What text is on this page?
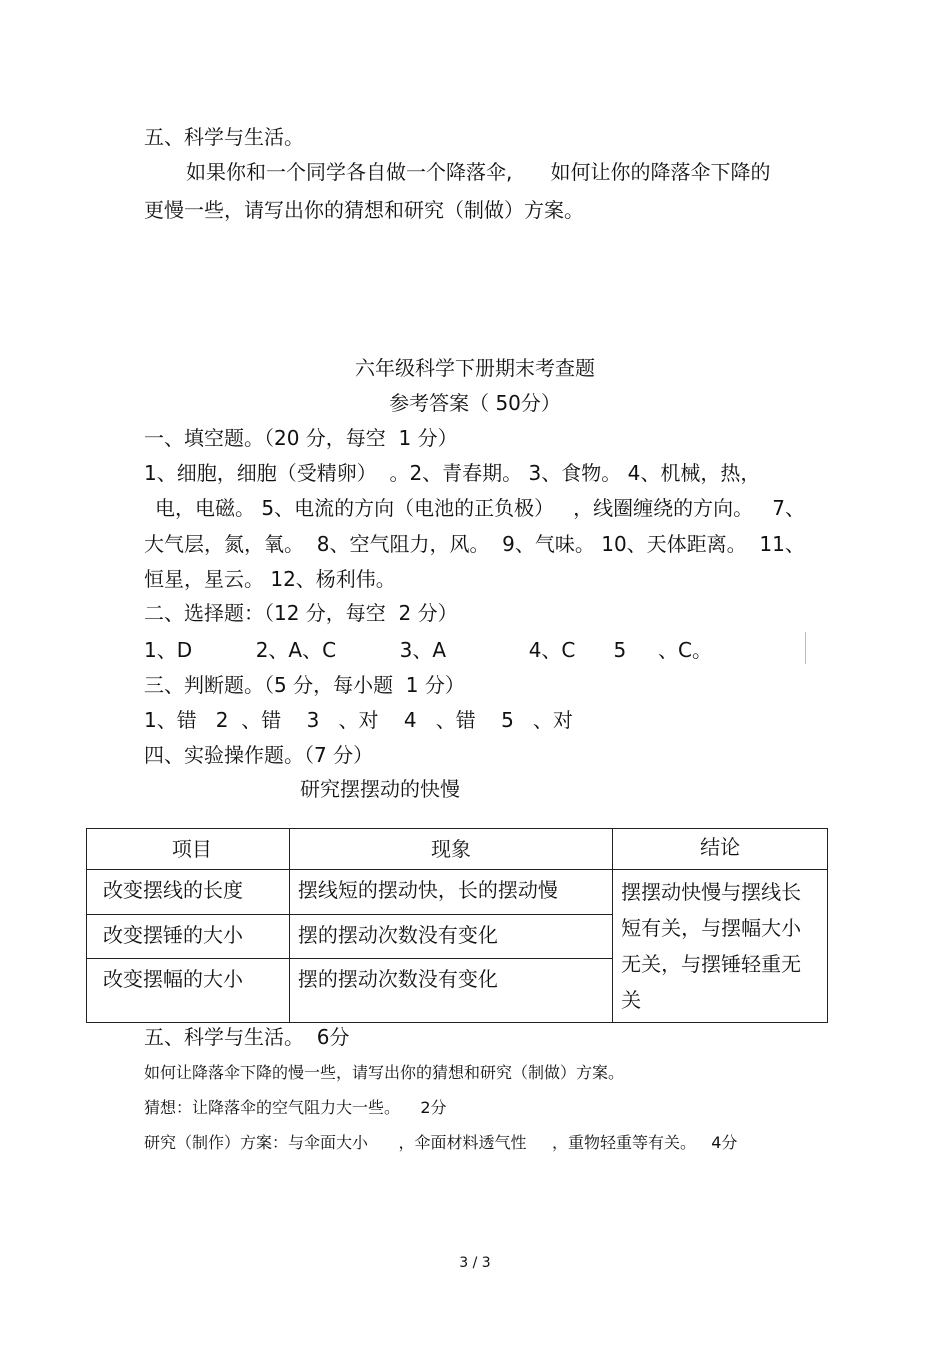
五、科学与生活。
如果你和一个同学各自做一个降落伞,      如何让你的降落伞下降的
更慢一些，请写出你的猜想和研究（制做）方案。
六年级科学下册期末考查题
参考答案（ 50分）
一、填空题。（20 分，每空  1 分）
1、细胞，细胞（受精卵）  。2、青春期。 3、食物。 4、机械，热，
电，电磁。 5、电流的方向（电池的正负极）   ，线圈缠绕的方向。   7、
大气层，氮，氧。  8、空气阻力，风。  9、气味。 10、天体距离。  11、
恒星，星云。 12、杨利伟。
二、选择题：（12 分，每空  2 分）
1、D          2、A、C          3、A             4、C      5     、C。
三、判断题。（5 分，每小题  1 分）
1、错   2  、错    3   、对    4   、错    5   、对
四、实验操作题。（7 分）
研究摆摆动的快慢
项目	现象	结论
改变摆线的长度	摆线短的摆动快，长的摆动慢	摆摆动快慢与摆线长
短有关，与摆幅大小
无关，与摆锤轻重无
关

改变摆锤的大小	摆的摆动次数没有变化	
改变摆幅的大小	摆的摆动次数没有变化	
五、科学与生活。  6分
如何让降落伞下降的慢一些，请写出你的猜想和研究（制做）方案。
猜想：让降落伞的空气阻力大一些。    2分
研究（制作）方案：与伞面大小      ，伞面材料透气性     ，重物轻重等有关。   4分
3 / 3
